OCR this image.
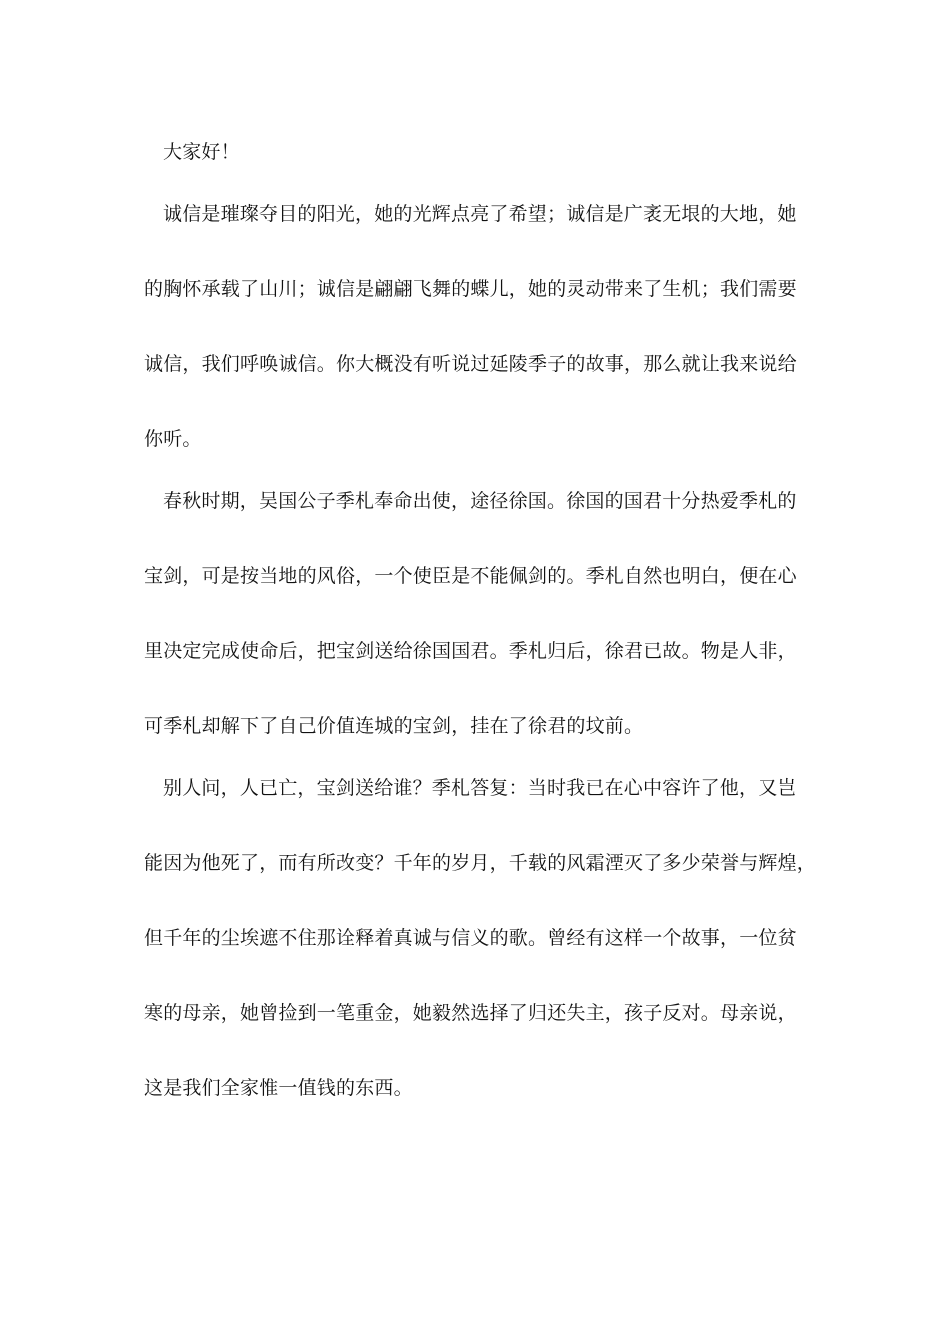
大家好！
诚信是璀璨夺目的阳光，她的光辉点亮了希望；诚信是广袤无垠的大地，她
的胸怀承载了山川；诚信是翩翩飞舞的蝶儿，她的灵动带来了生机；我们需要
诚信，我们呼唤诚信。你大概没有听说过延陵季子的故事，那么就让我来说给
你听。
春秋时期，吴国公子季札奉命出使，途径徐国。徐国的国君十分热爱季札的
宝剑，可是按当地的风俗，一个使臣是不能佩剑的。季札自然也明白，便在心
里决定完成使命后，把宝剑送给徐国国君。季札归后，徐君已故。物是人非，
可季札却解下了自己价值连城的宝剑，挂在了徐君的坟前。
别人问，人已亡，宝剑送给谁？季札答复：当时我已在心中容许了他，又岂
能因为他死了，而有所改变？千年的岁月，千载的风霜湮灭了多少荣誉与辉煌，
但千年的尘埃遮不住那诠释着真诚与信义的歌。曾经有这样一个故事，一位贫
寒的母亲，她曾捡到一笔重金，她毅然选择了归还失主，孩子反对。母亲说，
这是我们全家惟一值钱的东西。
